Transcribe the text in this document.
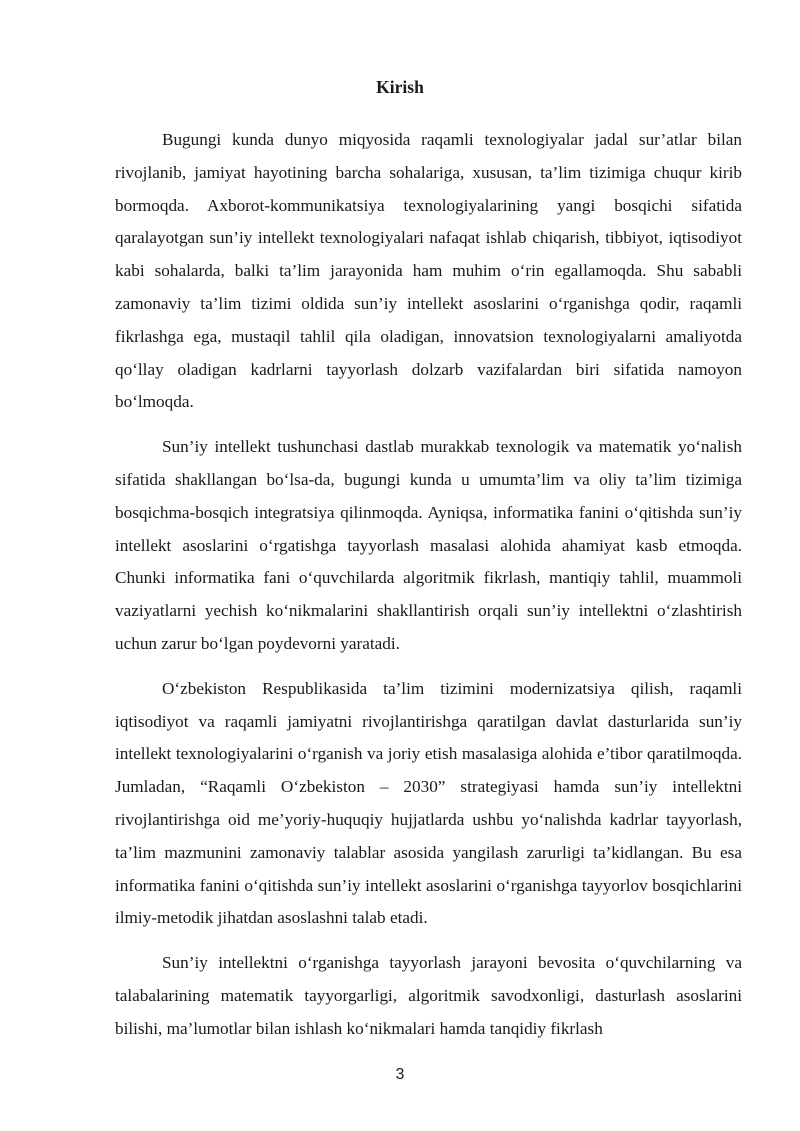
Kirish

Bugungi kunda dunyo miqyosida raqamli texnologiyalar jadal sur’atlar bilan rivojlanib, jamiyat hayotining barcha sohalariga, xususan, ta’lim tizimiga chuqur kirib bormoqda. Axborot-kommunikatsiya texnologiyalarining yangi bosqichi sifatida qaralayotgan sun’iy intellekt texnologiyalari nafaqat ishlab chiqarish, tibbiyot, iqtisodiyot kabi sohalarda, balki ta’lim jarayonida ham muhim o‘rin egallamoqda. Shu sababli zamonaviy ta’lim tizimi oldida sun’iy intellekt asoslarini o‘rganishga qodir, raqamli fikrlashga ega, mustaqil tahlil qila oladigan, innovatsion texnologiyalarni amaliyotda qo‘llay oladigan kadrlarni tayyorlash dolzarb vazifalardan biri sifatida namoyon bo‘lmoqda.

Sun’iy intellekt tushunchasi dastlab murakkab texnologik va matematik yo‘nalish sifatida shakllangan bo‘lsa-da, bugungi kunda u umumta’lim va oliy ta’lim tizimiga bosqichma-bosqich integratsiya qilinmoqda. Ayniqsa, informatika fanini o‘qitishda sun’iy intellekt asoslarini o‘rgatishga tayyorlash masalasi alohida ahamiyat kasb etmoqda. Chunki informatika fani o‘quvchilarda algoritmik fikrlash, mantiqiy tahlil, muammoli vaziyatlarni yechish ko‘nikmalarini shakllantirish orqali sun’iy intellektni o‘zlashtirish uchun zarur bo‘lgan poydevorni yaratadi.

O‘zbekiston Respublikasida ta’lim tizimini modernizatsiya qilish, raqamli iqtisodiyot va raqamli jamiyatni rivojlantirishga qaratilgan davlat dasturlarida sun’iy intellekt texnologiyalarini o‘rganish va joriy etish masalasiga alohida e’tibor qaratilmoqda. Jumladan, “Raqamli O‘zbekiston – 2030” strategiyasi hamda sun’iy intellektni rivojlantirishga oid me’yoriy-huquqiy hujjatlarda ushbu yo‘nalishda kadrlar tayyorlash, ta’lim mazmunini zamonaviy talablar asosida yangilash zarurligi ta’kidlangan. Bu esa informatika fanini o‘qitishda sun’iy intellekt asoslarini o‘rganishga tayyorlov bosqichlarini ilmiy-metodik jihatdan asoslashni talab etadi.

Sun’iy intellektni o‘rganishga tayyorlash jarayoni bevosita o‘quvchilarning va talabalarining matematik tayyorgarligi, algoritmik savodxonligi, dasturlash asoslarini bilishi, ma’lumotlar bilan ishlash ko‘nikmalari hamda tanqidiy fikrlash

3
